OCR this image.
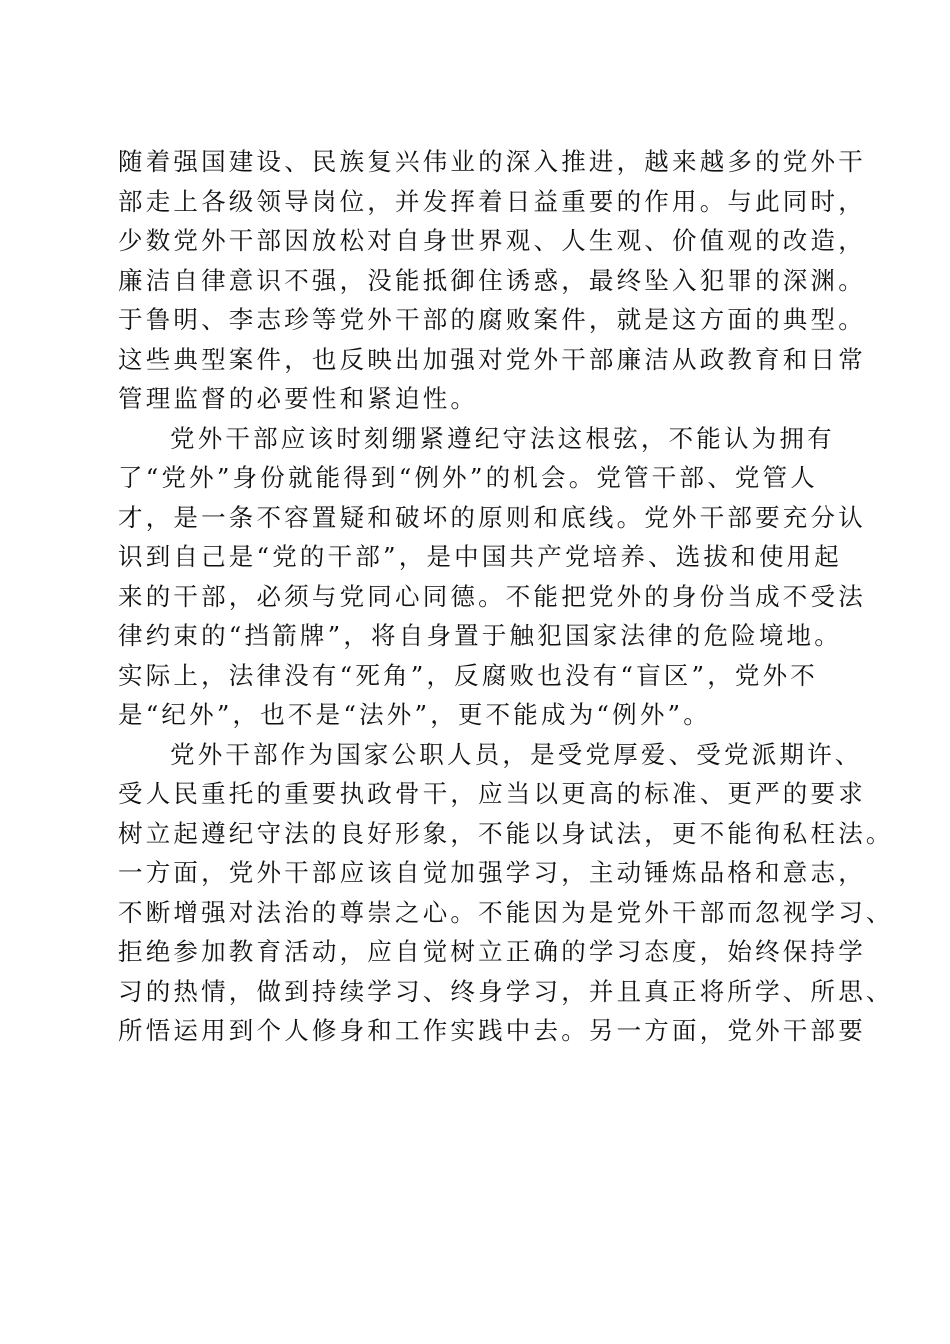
随着强国建设、民族复兴伟业的深入推进，越来越多的党外干
部走上各级领导岗位，并发挥着日益重要的作用。与此同时，
少数党外干部因放松对自身世界观、人生观、价值观的改造，
廉洁自律意识不强，没能抵御住诱惑，最终坠入犯罪的深渊。
于鲁明、李志珍等党外干部的腐败案件，就是这方面的典型。
这些典型案件，也反映出加强对党外干部廉洁从政教育和日常
管理监督的必要性和紧迫性。
党外干部应该时刻绷紧遵纪守法这根弦，不能认为拥有
了“党外”身份就能得到“例外”的机会。党管干部、党管人
才，是一条不容置疑和破坏的原则和底线。党外干部要充分认
识到自己是“党的干部”，是中国共产党培养、选拔和使用起
来的干部，必须与党同心同德。不能把党外的身份当成不受法
律约束的“挡箭牌”，将自身置于触犯国家法律的危险境地。
实际上，法律没有“死角”，反腐败也没有“盲区”，党外不
是“纪外”，也不是“法外”，更不能成为“例外”。
党外干部作为国家公职人员，是受党厚爱、受党派期许、
受人民重托的重要执政骨干，应当以更高的标准、更严的要求
树立起遵纪守法的良好形象，不能以身试法，更不能徇私枉法。
一方面，党外干部应该自觉加强学习，主动锤炼品格和意志，
不断增强对法治的尊崇之心。不能因为是党外干部而忽视学习、
拒绝参加教育活动，应自觉树立正确的学习态度，始终保持学
习的热情，做到持续学习、终身学习，并且真正将所学、所思、
所悟运用到个人修身和工作实践中去。另一方面，党外干部要
